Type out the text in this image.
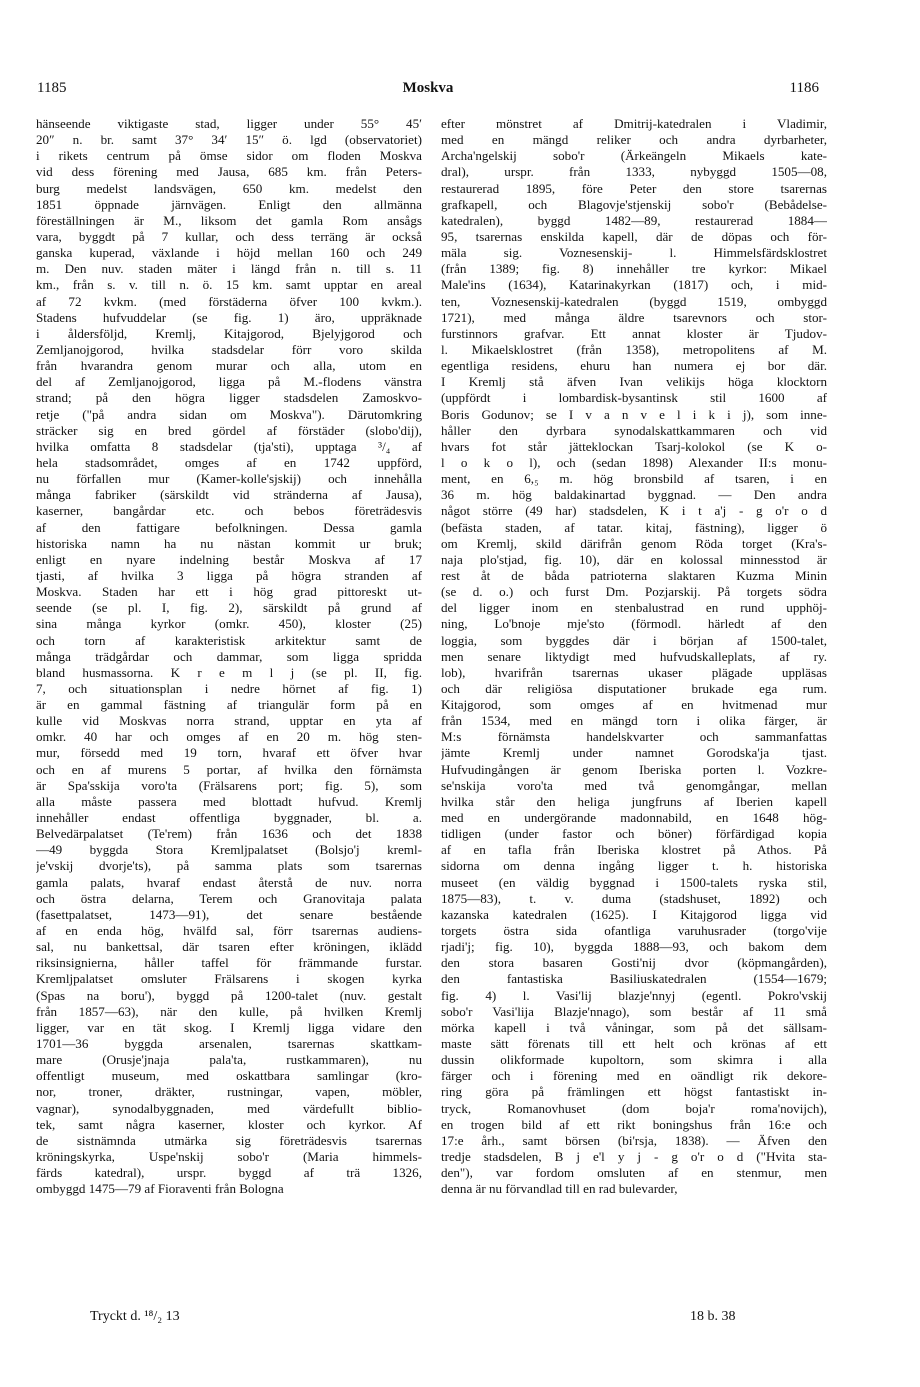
1185	Moskva	1186
hänseende viktigaste stad, ligger under 55° 45′
20″ n. br. samt 37° 34′ 15″ ö. lgd (observatoriet)
i rikets centrum på ömse sidor om floden Moskva
vid dess förening med Jausa, 685 km. från Peters-
burg medelst landsvägen, 650 km. medelst den
1851 öppnade järnvägen. Enligt den allmänna
föreställningen är M., liksom det gamla Rom ansågs
vara, byggdt på 7 kullar, och dess terräng är också
ganska kuperad, växlande i höjd mellan 160 och 249
m. Den nuv. staden mäter i längd från n. till s. 11
km., från s. v. till n. ö. 15 km. samt upptar en areal
af 72 kvkm. (med förstäderna öfver 100 kvkm.).
Stadens hufvuddelar (se fig. 1) äro, uppräknade
i åldersföljd, Kremlj, Kitajgorod, Bjelyjgorod och
Zemljanojgorod, hvilka stadsdelar förr voro skilda
från hvarandra genom murar och alla, utom en
del af Zemljanojgorod, ligga på M.-flodens vänstra
strand; på den högra ligger stadsdelen Zamoskvo-
retje ("på andra sidan om Moskva"). Därutomkring
sträcker sig en bred gördel af förstäder (slobo'dij),
hvilka omfatta 8 stadsdelar (tja'sti), upptaga ³/₄ af
hela stadsområdet, omges af en 1742 uppförd,
nu förfallen mur (Kamer-kolle'sjskij) och innehålla
många fabriker (särskildt vid stränderna af Jausa),
kaserner, bangårdar etc. och bebos företrädesvis
af den fattigare befolkningen. Dessa gamla
historiska namn ha nu nästan kommit ur bruk;
enligt en nyare indelning består Moskva af 17
tjasti, af hvilka 3 ligga på högra stranden af
Moskva. Staden har ett i hög grad pittoreskt ut-
seende (se pl. I, fig. 2), särskildt på grund af
sina många kyrkor (omkr. 450), kloster (25)
och torn af karakteristisk arkitektur samt de
många trädgårdar och dammar, som ligga spridda
bland husmassorna. K r e m l j (se pl. II, fig.
7, och situationsplan i nedre hörnet af fig. 1)
är en gammal fästning af triangulär form på en
kulle vid Moskvas norra strand, upptar en yta af
omkr. 40 har och omges af en 20 m. hög sten-
mur, försedd med 19 torn, hvaraf ett öfver hvar
och en af murens 5 portar, af hvilka den förnämsta
är Spa'sskija voro'ta (Frälsarens port; fig. 5), som
alla måste passera med blottadt hufvud. Kremlj
innehåller endast offentliga byggnader, bl. a.
Belvedärpalatset (Te'rem) från 1636 och det 1838
—49 byggda Stora Kremljpalatset (Bolsjo'j kreml-
je'vskij dvorje'ts), på samma plats som tsarernas
gamla palats, hvaraf endast återstå de nuv. norra
och östra delarna, Terem och Granovitaja palata
(fasettpalatset, 1473—91), det senare bestående
af en enda hög, hvälfd sal, förr tsarernas audiens-
sal, nu bankettsal, där tsaren efter kröningen, iklädd
riksinsignierna, håller taffel för främmande furstar.
Kremljpalatset omsluter Frälsarens i skogen kyrka
(Spas na boru'), byggd på 1200-talet (nuv. gestalt
från 1857—63), när den kulle, på hvilken Kremlj
ligger, var en tät skog. I Kremlj ligga vidare den
1701—36 byggda arsenalen, tsarernas skattkam-
mare (Orusje'jnaja pala'ta, rustkammaren), nu
offentligt museum, med oskattbara samlingar (kro-
nor, troner, dräkter, rustningar, vapen, möbler,
vagnar), synodalbyggnaden, med värdefullt biblio-
tek, samt några kaserner, kloster och kyrkor. Af
de sistnämnda utmärka sig företrädesvis tsarernas
kröningskyrka, Uspe'nskij sobo'r (Maria himmels-
färds katedral), urspr. byggd af trä 1326,
ombyggd 1475—79 af Fioraventi från Bologna
efter mönstret af Dmitrij-katedralen i Vladimir,
med en mängd reliker och andra dyrbarheter,
Archa'ngelskij sobo'r (Ärkeängeln Mikaels kate-
dral), urspr. från 1333, nybyggd 1505—08,
restaurerad 1895, före Peter den store tsarernas
grafkapell, och Blagovje'stjenskij sobo'r (Bebådelse-
katedralen), byggd 1482—89, restaurerad 1884—
95, tsarernas enskilda kapell, där de döpas och för-
mäla sig. Voznesenskij- l. Himmelsfärdsklostret
(från 1389; fig. 8) innehåller tre kyrkor: Mikael
Male'ins (1634), Katarinakyrkan (1817) och, i mid-
ten, Voznesenskij-katedralen (byggd 1519, ombyggd
1721), med många äldre tsarevnors och stor-
furstinnors grafvar. Ett annat kloster är Tjudov-
l. Mikaelsklostret (från 1358), metropolitens af M.
egentliga residens, ehuru han numera ej bor där.
I Kremlj stå äfven Ivan velikijs höga klocktorn
(uppfördt i lombardisk-bysantinsk stil 1600 af
Boris Godunov; se I v a n v e l i k i j), som inne-
håller den dyrbara synodalskattkammaren och vid
hvars fot står jätteklockan Tsarj-kolokol (se K o-
l o k o l), och (sedan 1898) Alexander II:s monu-
ment, en 6,₅ m. hög bronsbild af tsaren, i en
36 m. hög baldakinartad byggnad. — Den andra
något större (49 har) stadsdelen, K i t a'j - g o'r o d
(befästa staden, af tatar. kitaj, fästning), ligger ö
om Kremlj, skild därifrån genom Röda torget (Kra's-
naja plo'stjad, fig. 10), där en kolossal minnesstod är
rest åt de båda patrioterna slaktaren Kuzma Minin
(se d. o.) och furst Dm. Pozjarskij. På torgets södra
del ligger inom en stenbalustrad en rund upphöj-
ning, Lo'bnoje mje'sto (förmodl. härledt af den
loggia, som byggdes där i början af 1500-talet,
men senare liktydigt med hufvudskalleplats, af ry.
lob), hvarifrån tsarernas ukaser plägade uppläsas
och där religiösa disputationer brukade ega rum.
Kitajgorod, som omges af en hvitmenad mur
från 1534, med en mängd torn i olika färger, är
M:s förnämsta handelskvarter och sammanfattas
jämte Kremlj under namnet Gorodska'ja tjast.
Hufvudingången är genom Iberiska porten l. Vozkre-
se'nskija voro'ta med två genomgångar, mellan
hvilka står den heliga jungfruns af Iberien kapell
med en undergörande madonnabild, en 1648 hög-
tidligen (under fastor och böner) förfärdigad kopia
af en tafla från Iberiska klostret på Athos. På
sidorna om denna ingång ligger t. h. historiska
museet (en väldig byggnad i 1500-talets ryska stil,
1875—83), t. v. duma (stadshuset, 1892) och
kazanska katedralen (1625). I Kitajgorod ligga vid
torgets östra sida ofantliga varuhusrader (torgo'vije
rjadi'j; fig. 10), byggda 1888—93, och bakom dem
den stora basaren Gosti'nij dvor (köpmangården),
den fantastiska Basiliuskatedralen (1554—1679;
fig. 4) l. Vasi'lij blazje'nnyj (egentl. Pokro'vskij
sobo'r Vasi'lija Blazje'nnago), som består af 11 små
mörka kapell i två våningar, som på det sällsam-
maste sätt förenats till ett helt och krönas af ett
dussin olikformade kupoltorn, som skimra i alla
färger och i förening med en oändligt rik dekore-
ring göra på främlingen ett högst fantastiskt in-
tryck, Romanovhuset (dom boja'r roma'novijch),
en trogen bild af ett rikt boningshus från 16:e och
17:e årh., samt börsen (bi'rsja, 1838). — Äfven den
tredje stadsdelen, B j e'l y j - g o'r o d ("Hvita sta-
den"), var fordom omsluten af en stenmur, men
denna är nu förvandlad till en rad bulevarder,
Tryckt d. ¹⁸/₂ 13	18 b. 38
